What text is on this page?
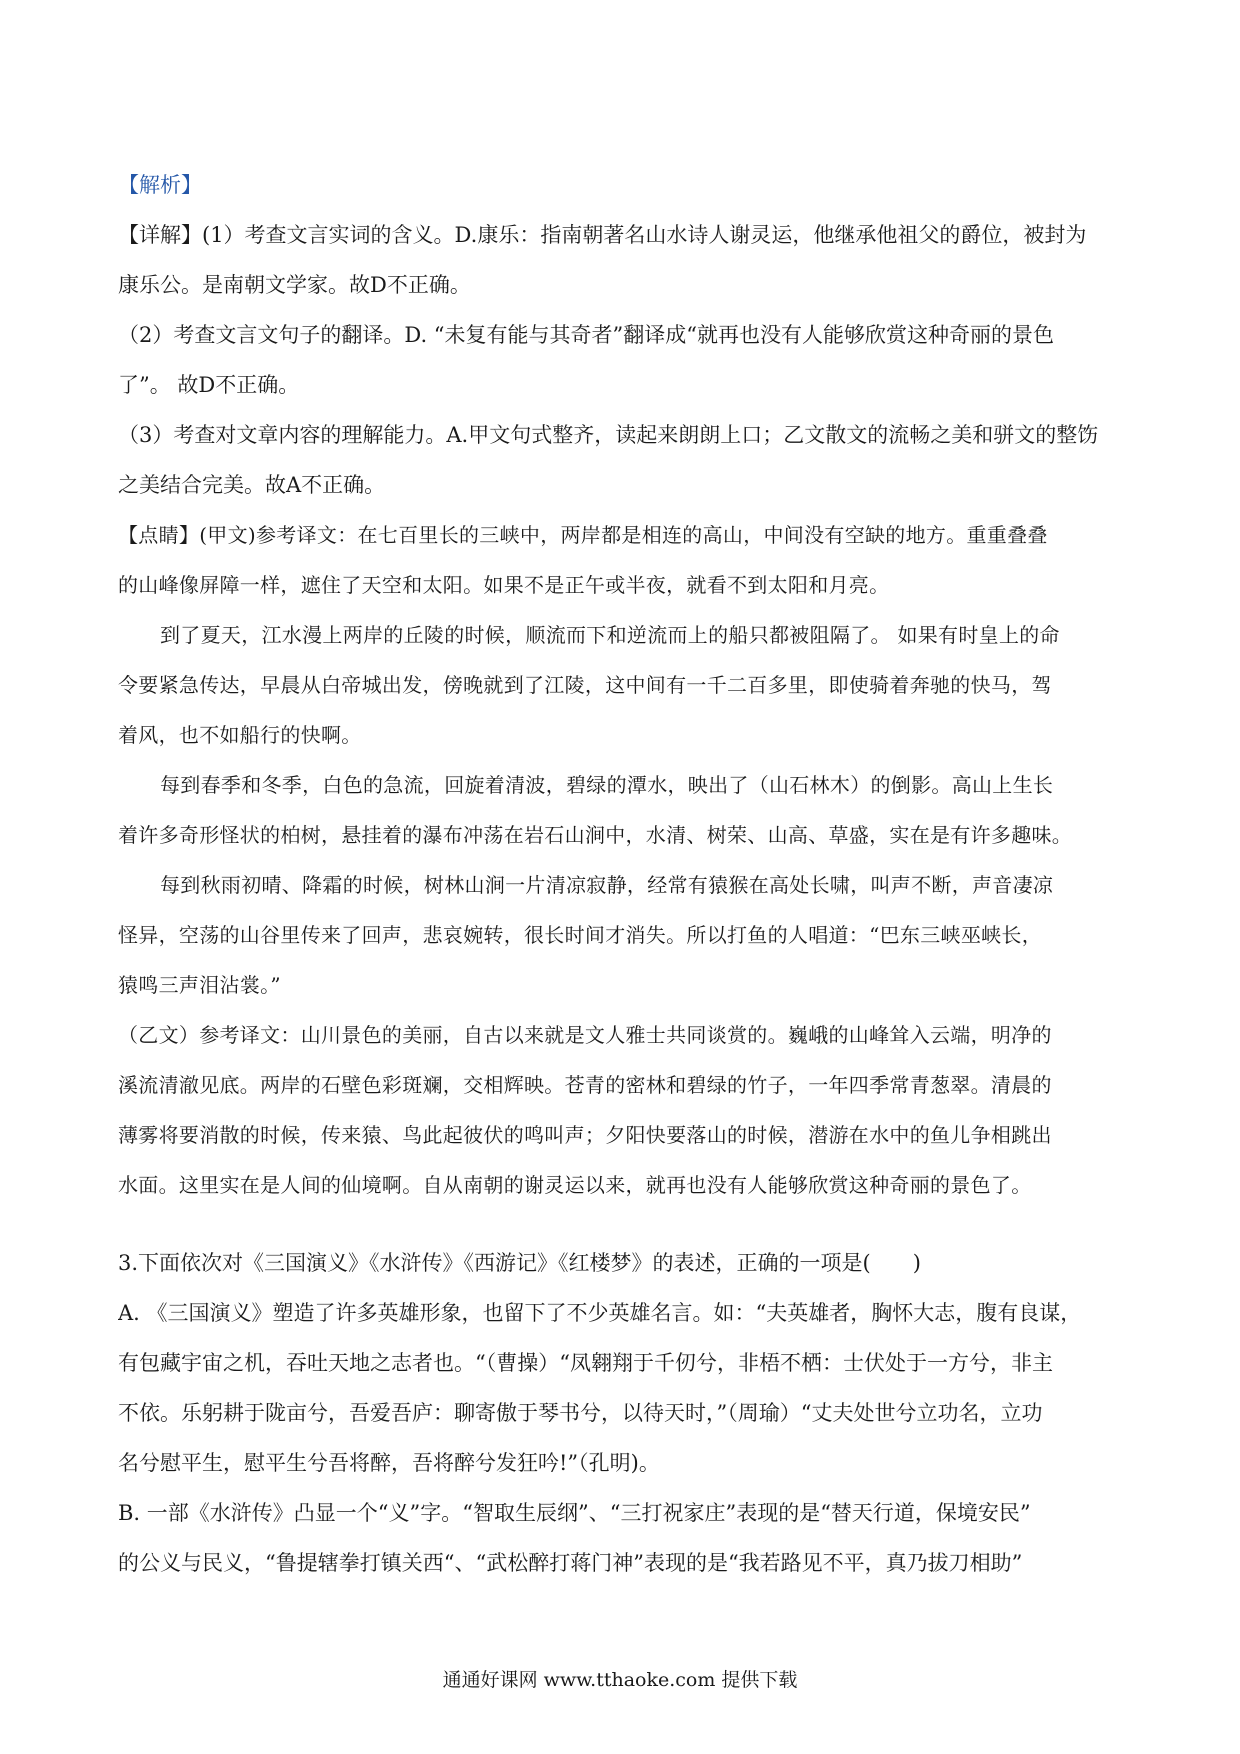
【解析】
【详解】(1）考查文言实词的含义。D.康乐：指南朝著名山水诗人谢灵运，他继承他祖父的爵位，被封为
康乐公。是南朝文学家。故D不正确。
（2）考查文言文句子的翻译。D. “未复有能与其奇者”翻译成“就再也没有人能够欣赏这种奇丽的景色
了”。 故D不正确。
（3）考查对文章内容的理解能力。A.甲文句式整齐，读起来朗朗上口；乙文散文的流畅之美和骈文的整饬
之美结合完美。故A不正确。
【点睛】(甲文)参考译文：在七百里长的三峡中，两岸都是相连的高山，中间没有空缺的地方。重重叠叠
的山峰像屏障一样，遮住了天空和太阳。如果不是正午或半夜，就看不到太阳和月亮。
到了夏天，江水漫上两岸的丘陵的时候，顺流而下和逆流而上的船只都被阻隔了。 如果有时皇上的命
令要紧急传达，早晨从白帝城出发，傍晚就到了江陵，这中间有一千二百多里，即使骑着奔驰的快马，驾
着风，也不如船行的快啊。
每到春季和冬季，白色的急流，回旋着清波，碧绿的潭水，映出了（山石林木）的倒影。高山上生长
着许多奇形怪状的柏树，悬挂着的瀑布冲荡在岩石山涧中，水清、树荣、山高、草盛，实在是有许多趣味。
每到秋雨初晴、降霜的时候，树林山涧一片清凉寂静，经常有猿猴在高处长啸，叫声不断，声音凄凉
怪异，空荡的山谷里传来了回声，悲哀婉转，很长时间才消失。所以打鱼的人唱道：“巴东三峡巫峡长，
猿鸣三声泪沾裳。”
（乙文）参考译文：山川景色的美丽，自古以来就是文人雅士共同谈赏的。巍峨的山峰耸入云端，明净的
溪流清澈见底。两岸的石壁色彩斑斓，交相辉映。苍青的密林和碧绿的竹子，一年四季常青葱翠。清晨的
薄雾将要消散的时候，传来猿、鸟此起彼伏的鸣叫声；夕阳快要落山的时候，潜游在水中的鱼儿争相跳出
水面。这里实在是人间的仙境啊。自从南朝的谢灵运以来，就再也没有人能够欣赏这种奇丽的景色了。
3.下面依次对《三国演义》《水浒传》《西游记》《红楼梦》的表述，正确的一项是(　　)
A. 《三国演义》塑造了许多英雄形象，也留下了不少英雄名言。如：“夫英雄者，胸怀大志，腹有良谋，
有包藏宇宙之机，吞吐天地之志者也。“（曹操）“凤翱翔于千仞兮，非梧不栖：士伏处于一方兮，非主
不依。乐躬耕于陇亩兮，吾爱吾庐：聊寄傲于琴书兮，以待天时，”（周瑜）“丈夫处世兮立功名，立功
名兮慰平生，慰平生兮吾将醉，吾将醉兮发狂吟!”（孔明)。
B. 一部《水浒传》凸显一个“义”字。“智取生辰纲”、“三打祝家庄”表现的是“替天行道，保境安民”
的公义与民义，“鲁提辖拳打镇关西“、“武松醉打蒋门神”表现的是“我若路见不平，真乃拔刀相助”
通通好课网 www.tthaoke.com 提供下载
